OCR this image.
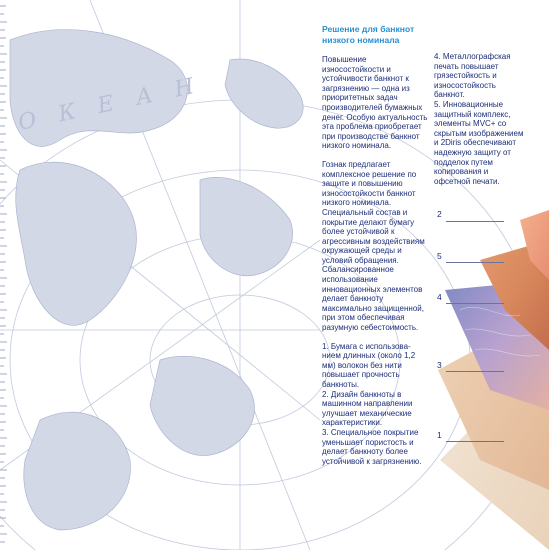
О К Е А Н
2
5
4
3
1
Решение для банкнот низкого номинала

Повышение износостойкости и устойчивости банкнот к загрязнению — одна из приоритетных задач производителей бумажных денег. Особую актуальность эта проблема приобретает при производстве банкнот низкого номинала.

Гознак предлагает комплексное решение по защите и повышению износостойкости банкнот низкого номинала. Специальный состав и покрытие делают бумагу более устойчивой к агрессивным воздействиям окружающей среды и условий обращения. Сбалансированное использование инновационных элементов делает банкноту максимально защищенной, при этом обеспечивая разумную себестоимость.

1. Бумага с использова-нием длинных (около 1,2 мм) волокон без нити повышает прочность банкноты.
2. Дизайн банкноты в машинном направлении улучшает механические характеристики.
3. Специальное покрытие уменьшает пористость и делает банкноту более устойчивой к загрязнению.

4. Металлографская печать повышает грязестойкость и износостойкость банкнот.
5. Инновационные защитный комплекс, элементы MVC+ со скрытым изображением и 2Diris обеспечивают надежную защиту от подделок путем копирования и офсетной печати.
